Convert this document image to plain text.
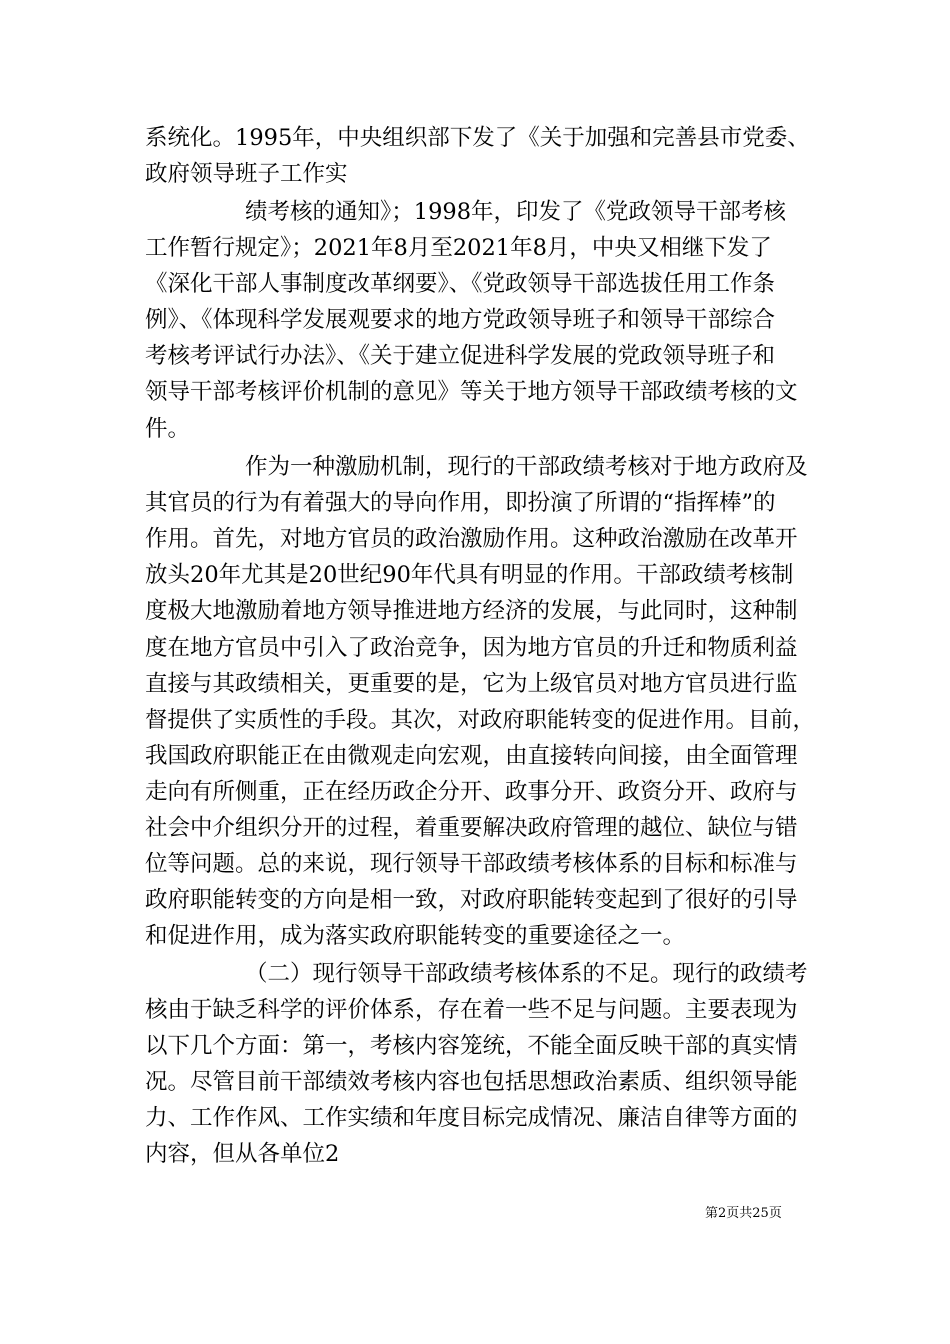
系统化。1995年，中央组织部下发了《关于加强和完善县市党委、
政府领导班子工作实
绩考核的通知》；1998年，印发了《党政领导干部考核
工作暂行规定》；2021年8月至2021年8月，中央又相继下发了
《深化干部人事制度改革纲要》、《党政领导干部选拔任用工作条
例》、《体现科学发展观要求的地方党政领导班子和领导干部综合
考核考评试行办法》、《关于建立促进科学发展的党政领导班子和
领导干部考核评价机制的意见》等关于地方领导干部政绩考核的文
件。
作为一种激励机制，现行的干部政绩考核对于地方政府及
其官员的行为有着强大的导向作用，即扮演了所谓的“指挥棒”的
作用。首先，对地方官员的政治激励作用。这种政治激励在改革开
放头20年尤其是20世纪90年代具有明显的作用。干部政绩考核制
度极大地激励着地方领导推进地方经济的发展，与此同时，这种制
度在地方官员中引入了政治竞争，因为地方官员的升迁和物质利益
直接与其政绩相关，更重要的是，它为上级官员对地方官员进行监
督提供了实质性的手段。其次，对政府职能转变的促进作用。目前，
我国政府职能正在由微观走向宏观，由直接转向间接，由全面管理
走向有所侧重，正在经历政企分开、政事分开、政资分开、政府与
社会中介组织分开的过程，着重要解决政府管理的越位、缺位与错
位等问题。总的来说，现行领导干部政绩考核体系的目标和标准与
政府职能转变的方向是相一致，对政府职能转变起到了很好的引导
和促进作用，成为落实政府职能转变的重要途径之一。
（二）现行领导干部政绩考核体系的不足。现行的政绩考
核由于缺乏科学的评价体系，存在着一些不足与问题。主要表现为
以下几个方面：第一，考核内容笼统，不能全面反映干部的真实情
况。尽管目前干部绩效考核内容也包括思想政治素质、组织领导能
力、工作作风、工作实绩和年度目标完成情况、廉洁自律等方面的
内容，但从各单位2
第2页共25页
